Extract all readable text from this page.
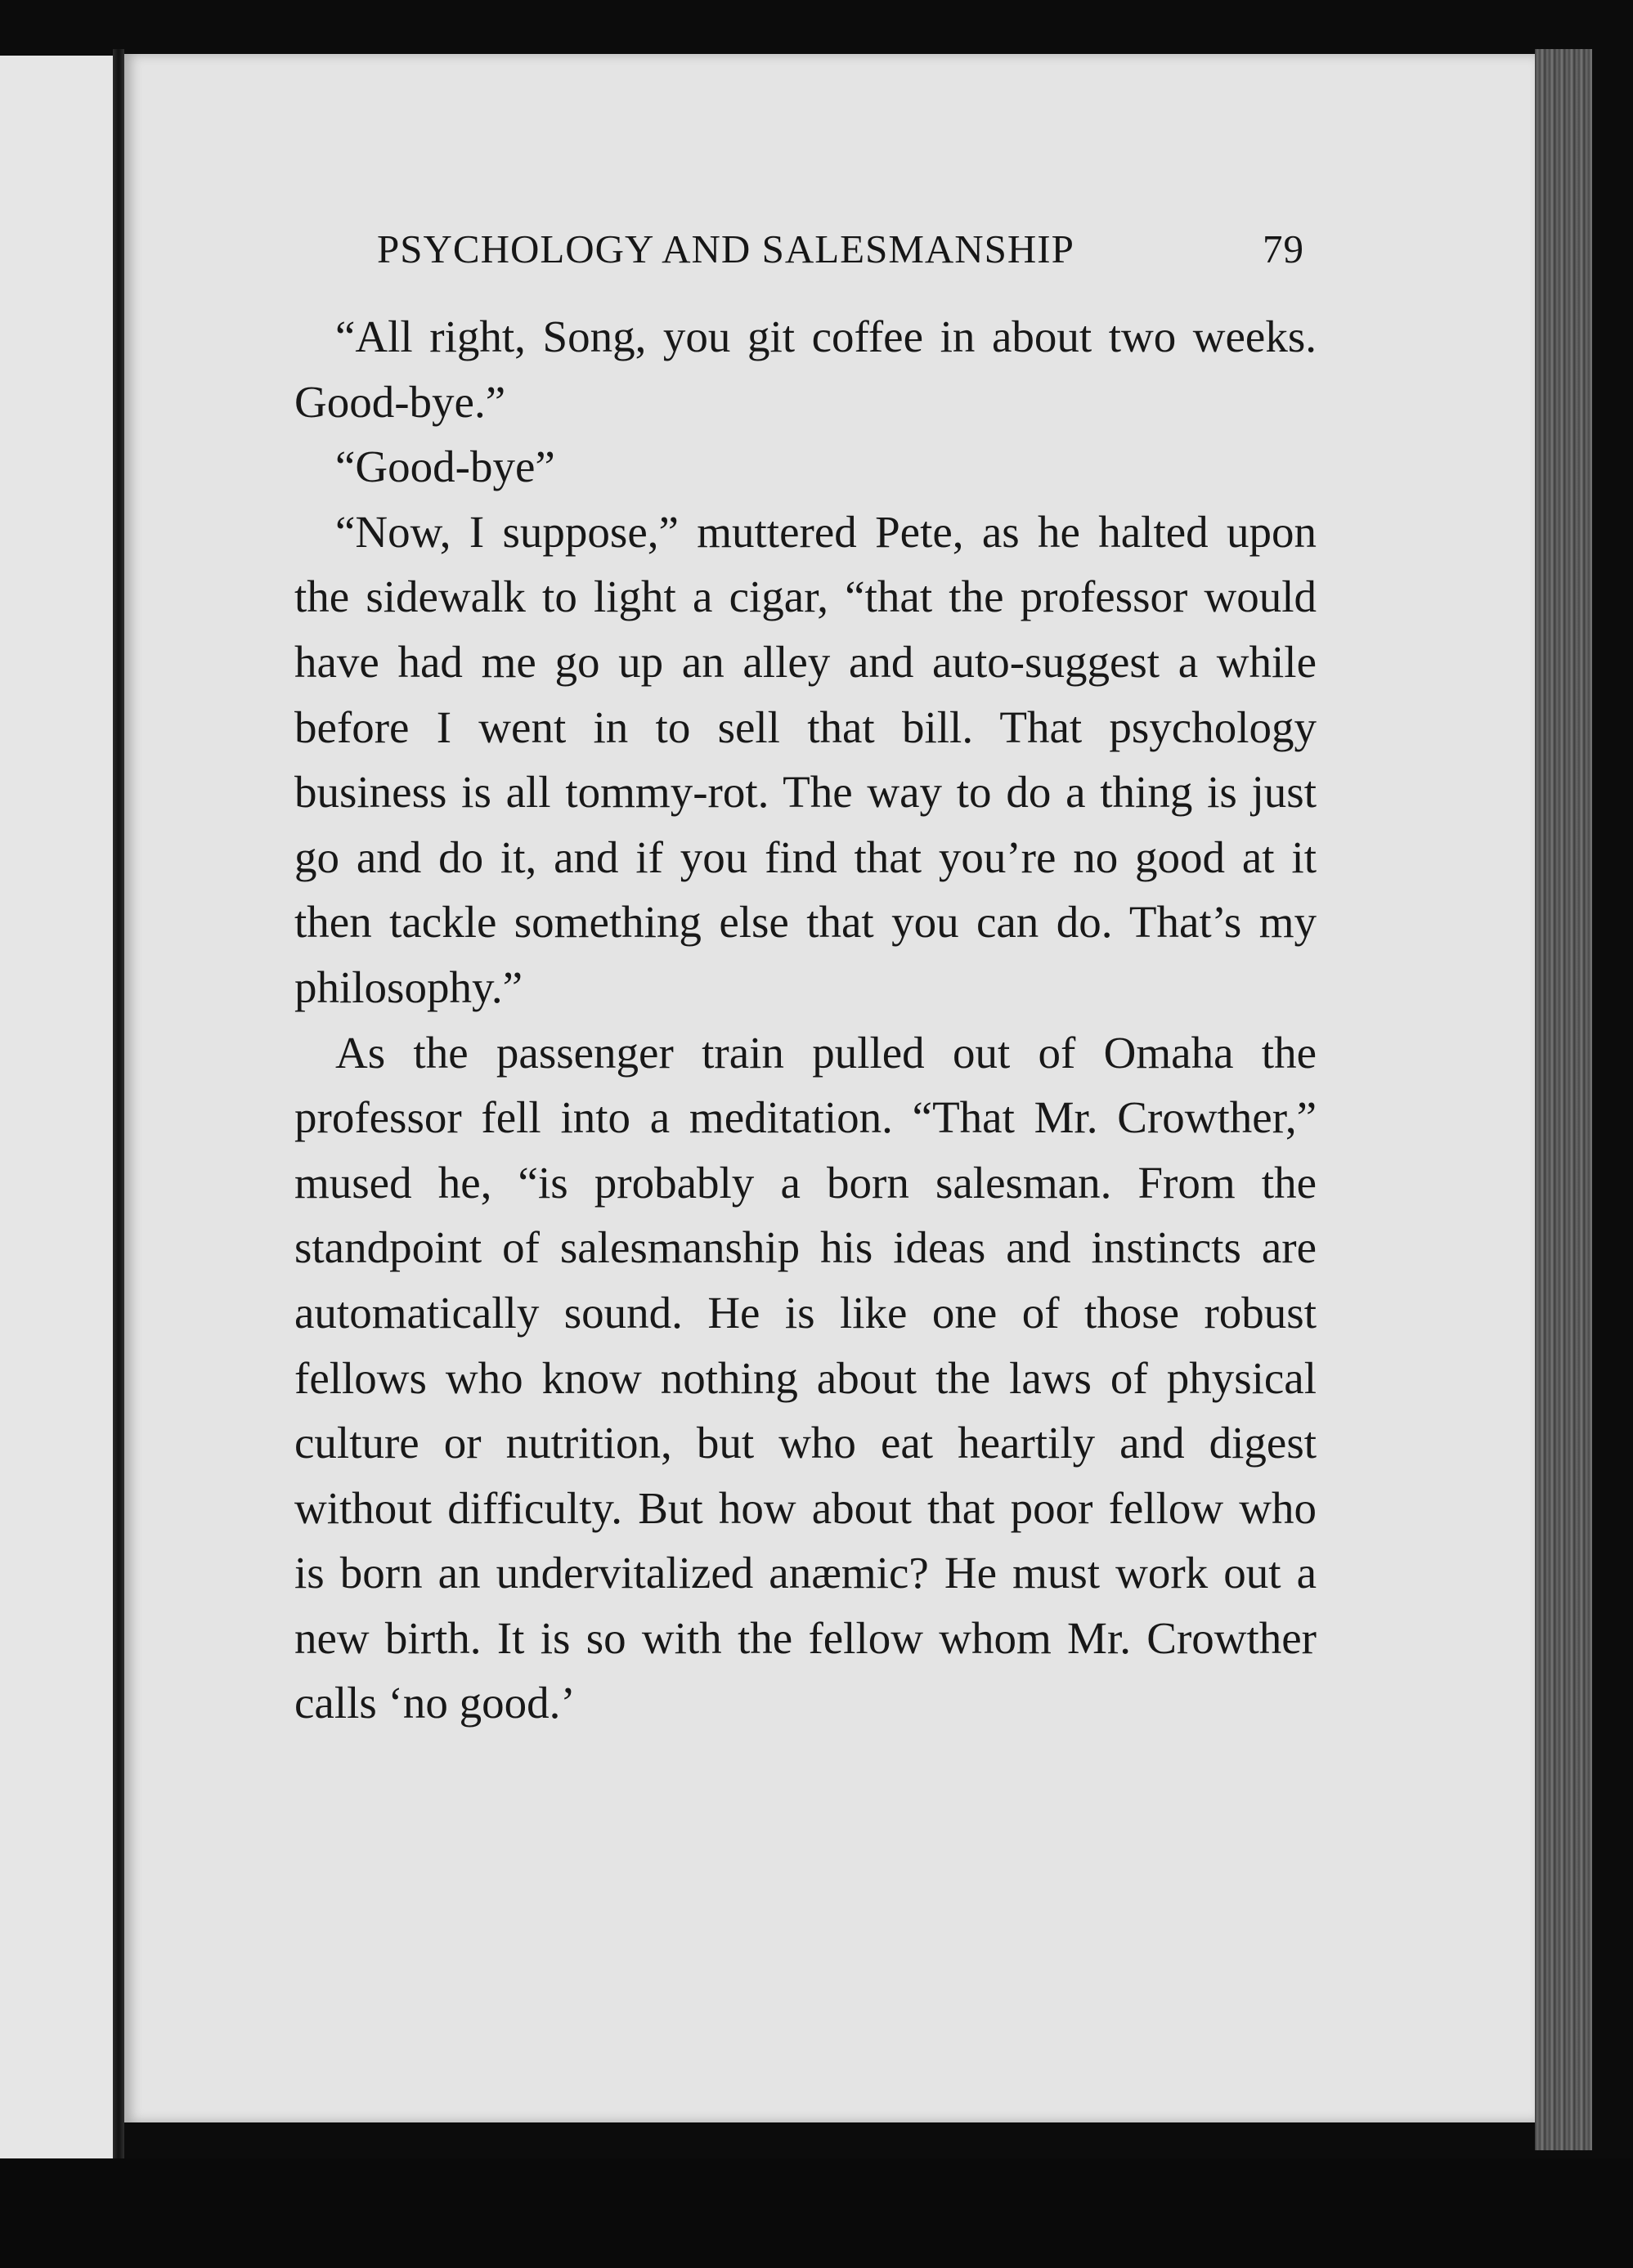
PSYCHOLOGY AND SALESMANSHIP	79

“All right, Song, you git coffee in about two weeks. Good-bye.”

“Good-bye”

“Now, I suppose,” muttered Pete, as he halted upon the sidewalk to light a cigar, “that the professor would have had me go up an alley and auto-suggest a while before I went in to sell that bill. That psychology business is all tommy-rot. The way to do a thing is just go and do it, and if you find that you’re no good at it then tackle something else that you can do. That’s my philosophy.”

As the passenger train pulled out of Omaha the professor fell into a meditation. “That Mr. Crowther,” mused he, “is probably a born salesman. From the standpoint of salesmanship his ideas and instincts are automatically sound. He is like one of those robust fellows who know nothing about the laws of physical culture or nutrition, but who eat heartily and digest without difficulty. But how about that poor fellow who is born an undervitalized anæmic? He must work out a new birth. It is so with the fellow whom Mr. Crowther calls ‘no good.’
